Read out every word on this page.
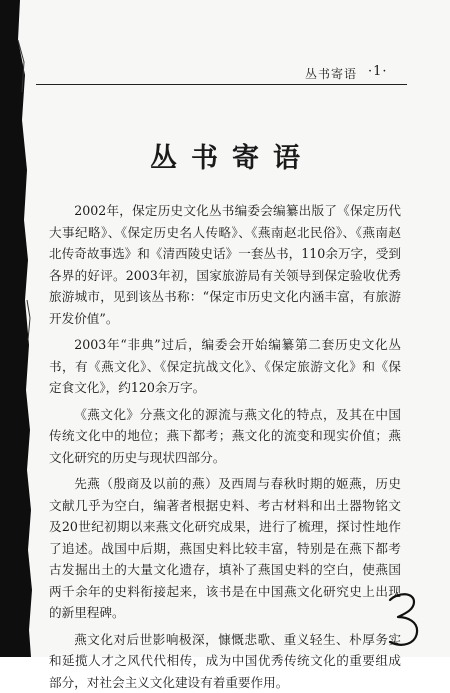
丛书寄语 ·1·
丛书寄语

2002年，保定历史文化丛书编委会编纂出版了《保定历代大事纪略》、《保定历史名人传略》、《燕南赵北民俗》、《燕南赵北传奇故事选》和《清西陵史话》一套丛书，110余万字，受到各界的好评。2003年初，国家旅游局有关领导到保定验收优秀旅游城市，见到该丛书称：“保定市历史文化内涵丰富，有旅游开发价值”。

2003年“非典”过后，编委会开始编纂第二套历史文化丛书，有《燕文化》、《保定抗战文化》、《保定旅游文化》和《保定食文化》，约120余万字。

《燕文化》分燕文化的源流与燕文化的特点，及其在中国传统文化中的地位；燕下都考；燕文化的流变和现实价值；燕文化研究的历史与现状四部分。

先燕（殷商及以前的燕）及西周与春秋时期的姬燕，历史文献几乎为空白，编著者根据史料、考古材料和出土器物铭文及20世纪初期以来燕文化研究成果，进行了梳理，探讨性地作了追述。战国中后期，燕国史料比较丰富，特别是在燕下都考古发掘出土的大量文化遗存，填补了燕国史料的空白，使燕国两千余年的史料衔接起来，该书是在中国燕文化研究史上出现的新里程碑。

燕文化对后世影响极深，慷慨悲歌、重义轻生、朴厚务实和延揽人才之风代代相传，成为中国优秀传统文化的重要组成部分，对社会主义文化建设有着重要作用。
